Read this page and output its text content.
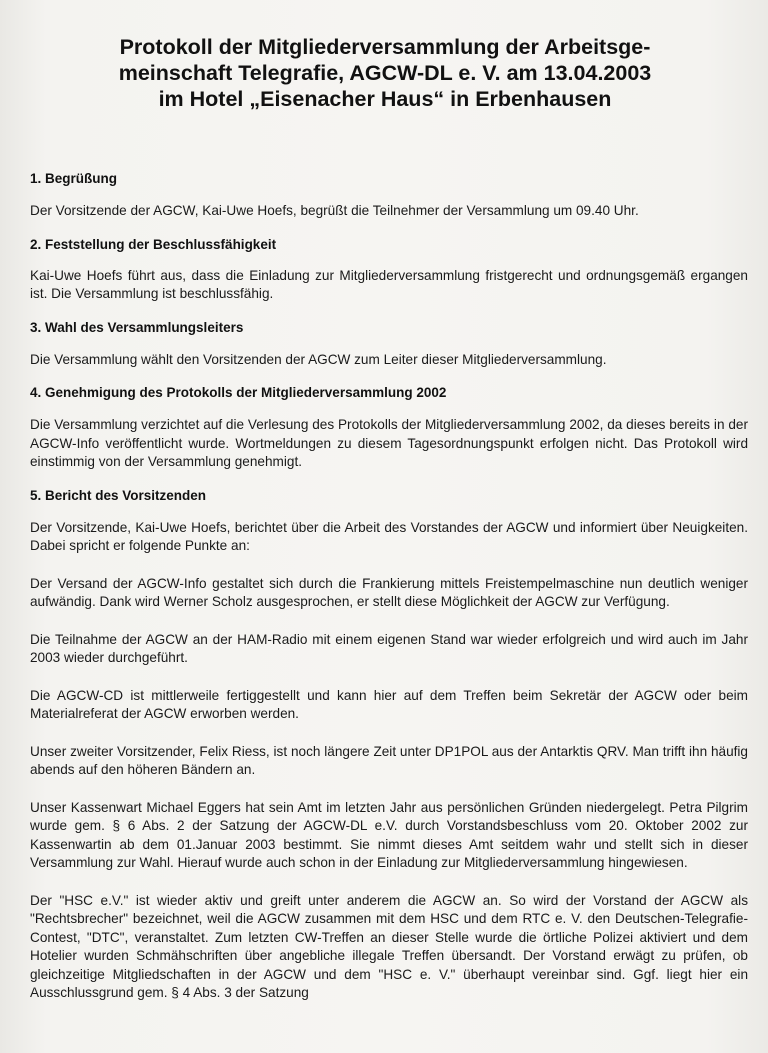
Protokoll der Mitgliederversammlung der Arbeitsge-
meinschaft Telegrafie, AGCW-DL e. V. am 13.04.2003
im Hotel „Eisenacher Haus“ in Erbenhausen
1. Begrüßung

Der Vorsitzende der AGCW, Kai-Uwe Hoefs, begrüßt die Teilnehmer der Versammlung um 09.40 Uhr.

2. Feststellung der Beschlussfähigkeit

Kai-Uwe Hoefs führt aus, dass die Einladung zur Mitgliederversammlung fristgerecht und ordnungsgemäß ergangen ist. Die Versammlung ist beschlussfähig.

3. Wahl des Versammlungsleiters

Die Versammlung wählt den Vorsitzenden der AGCW zum Leiter dieser Mitgliederversammlung.

4. Genehmigung des Protokolls der Mitgliederversammlung 2002

Die Versammlung verzichtet auf die Verlesung des Protokolls der Mitgliederversammlung 2002, da dieses bereits in der AGCW-Info veröffentlicht wurde. Wortmeldungen zu diesem Tagesordnungspunkt erfolgen nicht. Das Protokoll wird einstimmig von der Versammlung genehmigt.

5. Bericht des Vorsitzenden

Der Vorsitzende, Kai-Uwe Hoefs, berichtet über die Arbeit des Vorstandes der AGCW und informiert über Neuigkeiten. Dabei spricht er folgende Punkte an:

Der Versand der AGCW-Info gestaltet sich durch die Frankierung mittels Freistempelmaschine nun deutlich weniger aufwändig. Dank wird Werner Scholz ausgesprochen, er stellt diese Möglichkeit der AGCW zur Verfügung.

Die Teilnahme der AGCW an der HAM-Radio mit einem eigenen Stand war wieder erfolgreich und wird auch im Jahr 2003 wieder durchgeführt.

Die AGCW-CD ist mittlerweile fertiggestellt und kann hier auf dem Treffen beim Sekretär der AGCW oder beim Materialreferat der AGCW erworben werden.

Unser zweiter Vorsitzender, Felix Riess, ist noch längere Zeit unter DP1POL aus der Antarktis QRV. Man trifft ihn häufig abends auf den höheren Bändern an.

Unser Kassenwart Michael Eggers hat sein Amt im letzten Jahr aus persönlichen Gründen niedergelegt. Petra Pilgrim wurde gem. § 6 Abs. 2 der Satzung der AGCW-DL e.V. durch Vorstandsbeschluss vom 20. Oktober 2002 zur Kassenwartin ab dem 01.Januar 2003 bestimmt. Sie nimmt dieses Amt seitdem wahr und stellt sich in dieser Versammlung zur Wahl. Hierauf wurde auch schon in der Einladung zur Mitgliederversammlung hingewiesen.

Der "HSC e.V." ist wieder aktiv und greift unter anderem die AGCW an. So wird der Vorstand der AGCW als "Rechtsbrecher" bezeichnet, weil die AGCW zusammen mit dem HSC und dem RTC e. V. den Deutschen-Telegrafie-Contest, "DTC", veranstaltet. Zum letzten CW-Treffen an dieser Stelle wurde die örtliche Polizei aktiviert und dem Hotelier wurden Schmähschriften über angebliche illegale Treffen übersandt. Der Vorstand erwägt zu prüfen, ob gleichzeitige Mitgliedschaften in der AGCW und dem "HSC e. V." überhaupt vereinbar sind. Ggf. liegt hier ein Ausschlussgrund gem. § 4 Abs. 3 der Satzung
